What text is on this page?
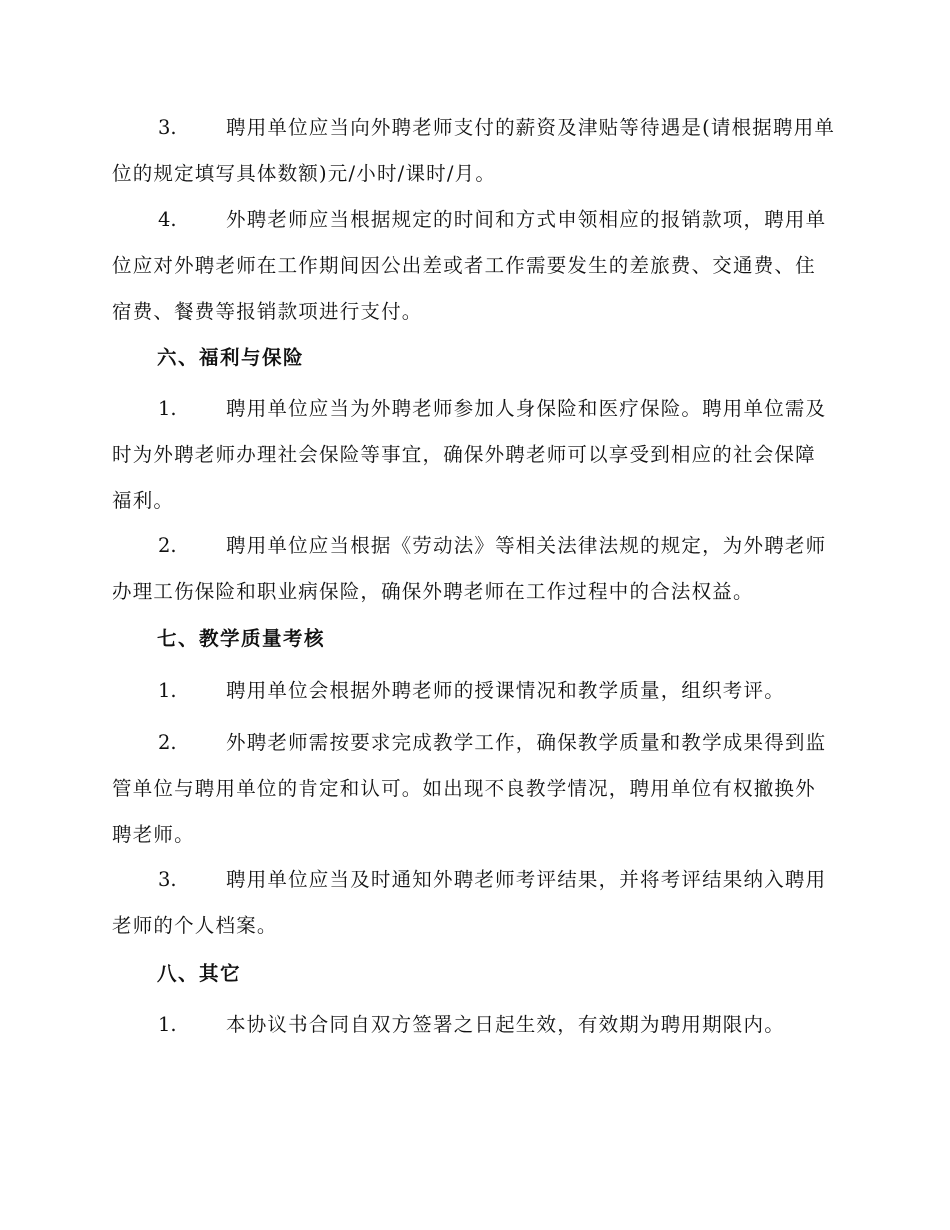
3.	聘用单位应当向外聘老师支付的薪资及津贴等待遇是(请根据聘用单位的规定填写具体数额)元/小时/课时/月。
4.	外聘老师应当根据规定的时间和方式申领相应的报销款项，聘用单位应对外聘老师在工作期间因公出差或者工作需要发生的差旅费、交通费、住宿费、餐费等报销款项进行支付。
六、福利与保险
1.	聘用单位应当为外聘老师参加人身保险和医疗保险。聘用单位需及时为外聘老师办理社会保险等事宜，确保外聘老师可以享受到相应的社会保障福利。
2.	聘用单位应当根据《劳动法》等相关法律法规的规定，为外聘老师办理工伤保险和职业病保险，确保外聘老师在工作过程中的合法权益。
七、教学质量考核
1.	聘用单位会根据外聘老师的授课情况和教学质量，组织考评。
2.	外聘老师需按要求完成教学工作，确保教学质量和教学成果得到监管单位与聘用单位的肯定和认可。如出现不良教学情况，聘用单位有权撤换外聘老师。
3.	聘用单位应当及时通知外聘老师考评结果，并将考评结果纳入聘用老师的个人档案。
八、其它
1.	本协议书合同自双方签署之日起生效，有效期为聘用期限内。
